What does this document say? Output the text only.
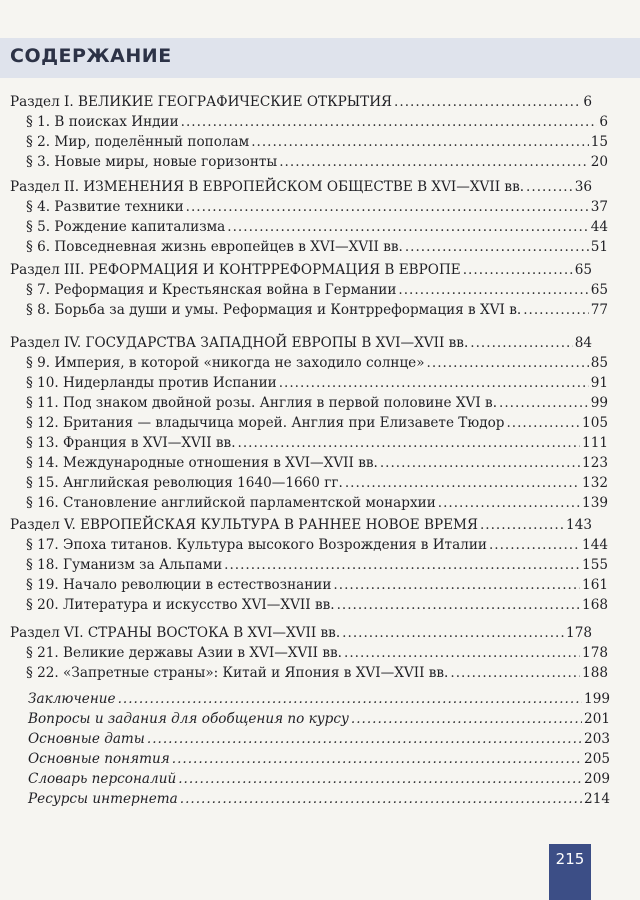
СОДЕРЖАНИЕ
Раздел I. ВЕЛИКИЕ ГЕОГРАФИЧЕСКИЕ ОТКРЫТИЯ .....	6
§ 1. В поисках Индии .....	6
§ 2. Мир, поделённый пополам .....	15
§ 3. Новые миры, новые горизонты .....	20
Раздел II. ИЗМЕНЕНИЯ В ЕВРОПЕЙСКОМ ОБЩЕСТВЕ В XVI—XVII вв. .....	36
§ 4. Развитие техники .....	37
§ 5. Рождение капитализма .....	44
§ 6. Повседневная жизнь европейцев в XVI—XVII вв. .....	51
Раздел III. РЕФОРМАЦИЯ И КОНТРРЕФОРМАЦИЯ В ЕВРОПЕ .....	65
§ 7. Реформация и Крестьянская война в Германии .....	65
§ 8. Борьба за души и умы. Реформация и Контрреформация в XVI в. .....	77
Раздел IV. ГОСУДАРСТВА ЗАПАДНОЙ ЕВРОПЫ В XVI—XVII вв. .....	84
§ 9. Империя, в которой «никогда не заходило солнце» .....	85
§ 10. Нидерланды против Испании .....	91
§ 11. Под знаком двойной розы. Англия в первой половине XVI в. .....	99
§ 12. Британия — владычица морей. Англия при Елизавете Тюдор .....	105
§ 13. Франция в XVI—XVII вв. .....	111
§ 14. Международные отношения в XVI—XVII вв. .....	123
§ 15. Английская революция 1640—1660 гг. .....	132
§ 16. Становление английской парламентской монархии .....	139
Раздел V. ЕВРОПЕЙСКАЯ КУЛЬТУРА В РАННЕЕ НОВОЕ ВРЕМЯ .....	143
§ 17. Эпоха титанов. Культура высокого Возрождения в Италии .....	144
§ 18. Гуманизм за Альпами .....	155
§ 19. Начало революции в естествознании .....	161
§ 20. Литература и искусство XVI—XVII вв. .....	168
Раздел VI. СТРАНЫ ВОСТОКА В XVI—XVII вв. .....	178
§ 21. Великие державы Азии в XVI—XVII вв. .....	178
§ 22. «Запретные страны»: Китай и Япония в XVI—XVII вв. .....	188
Заключение .....	199
Вопросы и задания для обобщения по курсу .....	201
Основные даты .....	203
Основные понятия .....	205
Словарь персоналий .....	209
Ресурсы интернета .....	214
215
